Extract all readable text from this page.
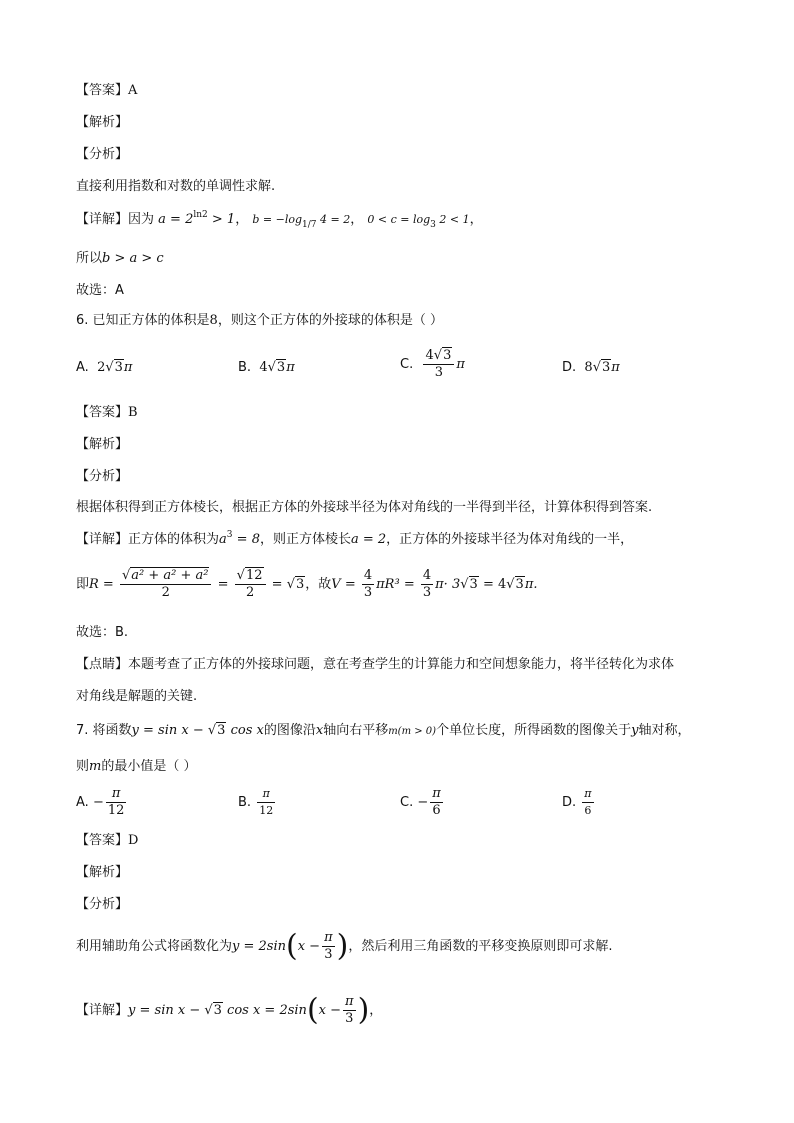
【答案】A
【解析】
【分析】
直接利用指数和对数的单调性求解.
【详解】因为 $a = 2^{ln2} > 1$， $b = -\log_{1/7}$ 4 = 2， $0 < c = \log_3 2 < 1$，
所以b > a > c
故选：A
6. 已知正方体的体积是8，则这个正方体的外接球的体积是（ ）
A. 2√3π	B. 4√3π	C. $\frac{4√3}{3}$ π	D. 8√3π
【答案】B
【解析】
【分析】
根据体积得到正方体棱长，根据正方体的外接球半径为体对角线的一半得到半径，计算体积得到答案.
【详解】正方体的体积为$a^3 = 8$，则正方体棱长a = 2，正方体的外接球半径为体对角线的一半，
即$R = \frac{\text{√a² + a² + a²}}{2} = \frac{√12}{2} = √3$，故$V = \frac{4}{3} \pi R^3 = \frac{4}{3} \pi\cdot 3√3 = 4√3\pi$.
故选：B.
【点睛】本题考查了正方体的外接球问题，意在考查学生的计算能力和空间想象能力，将半径转化为求体
对角线是解题的关键.
7. 将函数y = sin x − √3 cos x的图像沿x轴向右平移m(m > 0)个单位长度，所得函数的图像关于y轴对称，
则m的最小值是（ ）
A. − $\frac{\pi}{12}$	B. $\frac{\pi}{12}$	C. − $\frac{\pi}{6}$	D. $\frac{\pi}{6}$
【答案】D
【解析】
【分析】
利用辅助角公式将函数化为$y = 2\sin(x - \frac{\pi}{3}$ )，然后利用三角函数的平移变换原则即可求解.
【详解】y = sin x − √3 $\cos x = 2\sin(x - \frac{\pi}{3}$ )，
